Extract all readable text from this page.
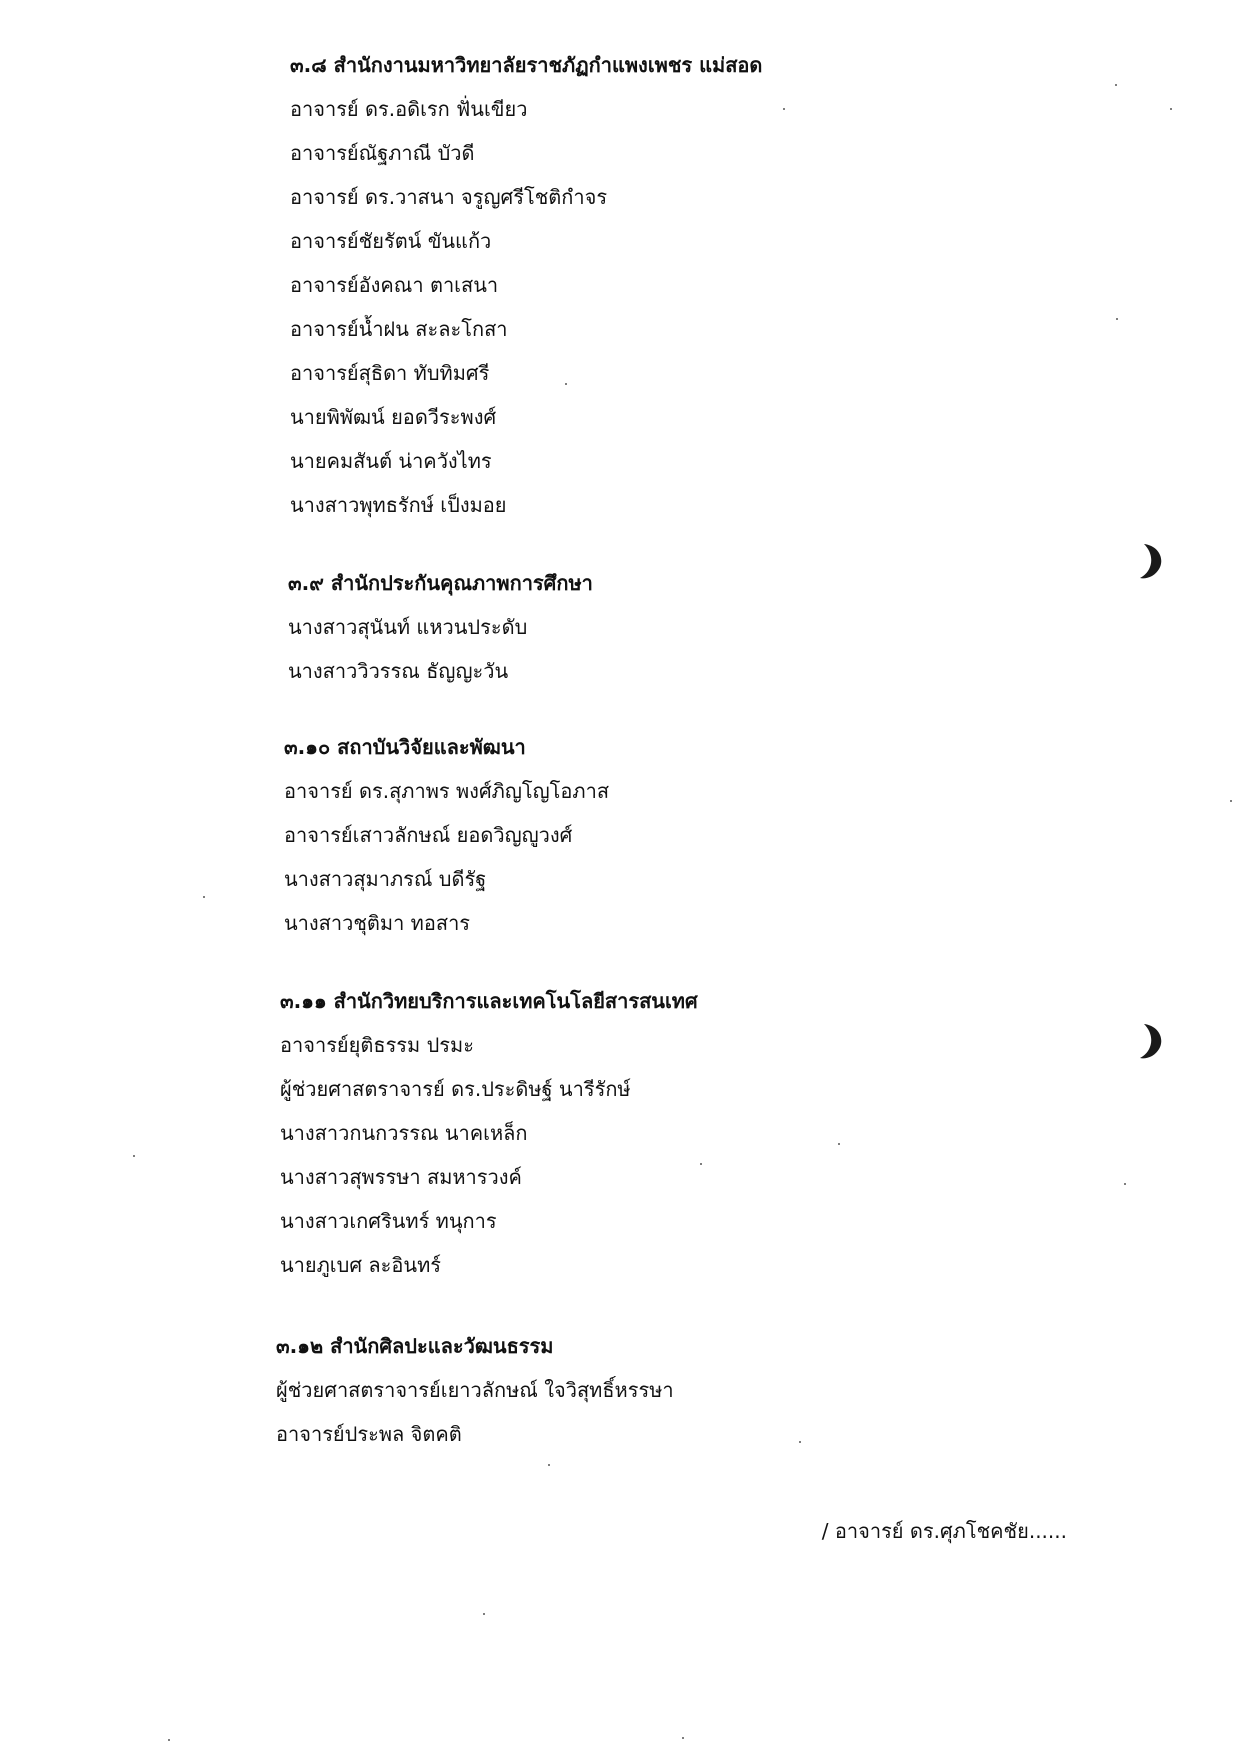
๓.๘ สำนักงานมหาวิทยาลัยราชภัฏกำแพงเพชร แม่สอด
อาจารย์ ดร.อดิเรก ฟั่นเขียว
อาจารย์ณัฐภาณี บัวดี
อาจารย์ ดร.วาสนา จรูญศรีโชติกำจร
อาจารย์ชัยรัตน์ ขันแก้ว
อาจารย์อังคณา ตาเสนา
อาจารย์น้ำฝน สะละโกสา
อาจารย์สุธิดา ทับทิมศรี
นายพิพัฒน์ ยอดวีระพงศ์
นายคมสันต์ น่าควังไทร
นางสาวพุทธรักษ์ เป็งมอย
๓.๙ สำนักประกันคุณภาพการศึกษา
นางสาวสุนันท์ แหวนประดับ
นางสาววิวรรณ ธัญญะวัน
๓.๑๐ สถาบันวิจัยและพัฒนา
อาจารย์ ดร.สุภาพร พงศ์ภิญโญโอภาส
อาจารย์เสาวลักษณ์ ยอดวิญญูวงศ์
นางสาวสุมาภรณ์ บดีรัฐ
นางสาวชุติมา ทอสาร
๓.๑๑ สำนักวิทยบริการและเทคโนโลยีสารสนเทศ
อาจารย์ยุติธรรม ปรมะ
ผู้ช่วยศาสตราจารย์ ดร.ประดิษฐ์ นารีรักษ์
นางสาวกนกวรรณ นาคเหล็ก
นางสาวสุพรรษา สมหารวงค์
นางสาวเกศรินทร์ ทนุการ
นายภูเบศ ละอินทร์
๓.๑๒ สำนักศิลปะและวัฒนธรรม
ผู้ช่วยศาสตราจารย์เยาวลักษณ์ ใจวิสุทธิ์หรรษา
อาจารย์ประพล จิตคติ
/ อาจารย์ ดร.ศุภโชคชัย......
